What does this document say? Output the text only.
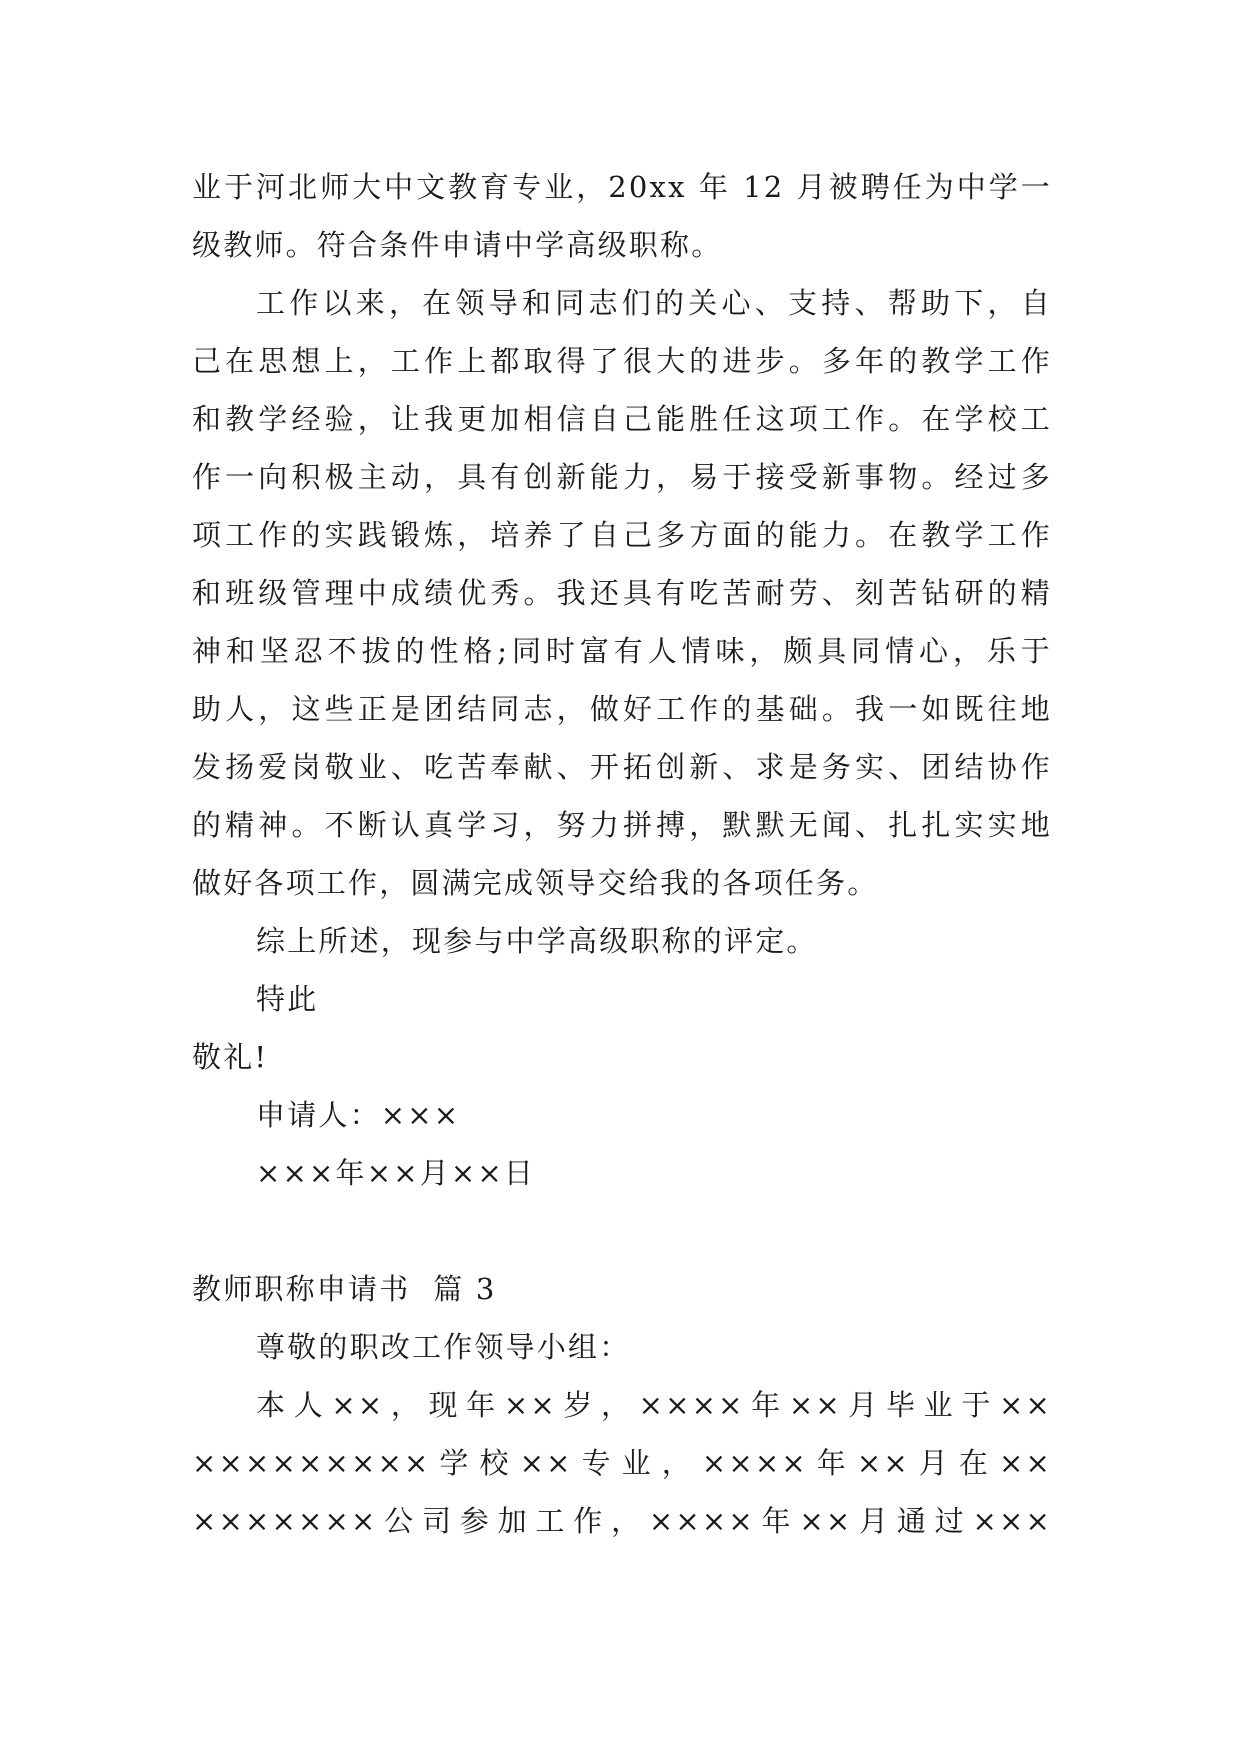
业于河北师大中文教育专业，20xx 年 12 月被聘任为中学一
级教师。符合条件申请中学高级职称。
工作以来，在领导和同志们的关心、支持、帮助下，自
己在思想上，工作上都取得了很大的进步。多年的教学工作
和教学经验，让我更加相信自己能胜任这项工作。在学校工
作一向积极主动，具有创新能力，易于接受新事物。经过多
项工作的实践锻炼，培养了自己多方面的能力。在教学工作
和班级管理中成绩优秀。我还具有吃苦耐劳、刻苦钻研的精
神和坚忍不拔的性格;同时富有人情味，颇具同情心，乐于
助人，这些正是团结同志，做好工作的基础。我一如既往地
发扬爱岗敬业、吃苦奉献、开拓创新、求是务实、团结协作
的精神。不断认真学习，努力拼搏，默默无闻、扎扎实实地
做好各项工作，圆满完成领导交给我的各项任务。
综上所述，现参与中学高级职称的评定。
特此
敬礼!
申请人：×××
×××年××月××日
教师职称申请书  篇 3
尊敬的职改工作领导小组：
本人××，现年××岁，××××年××月毕业于××
×××××××××学校××专业，××××年××月在××
×××××××公司参加工作，××××年××月通过×××
